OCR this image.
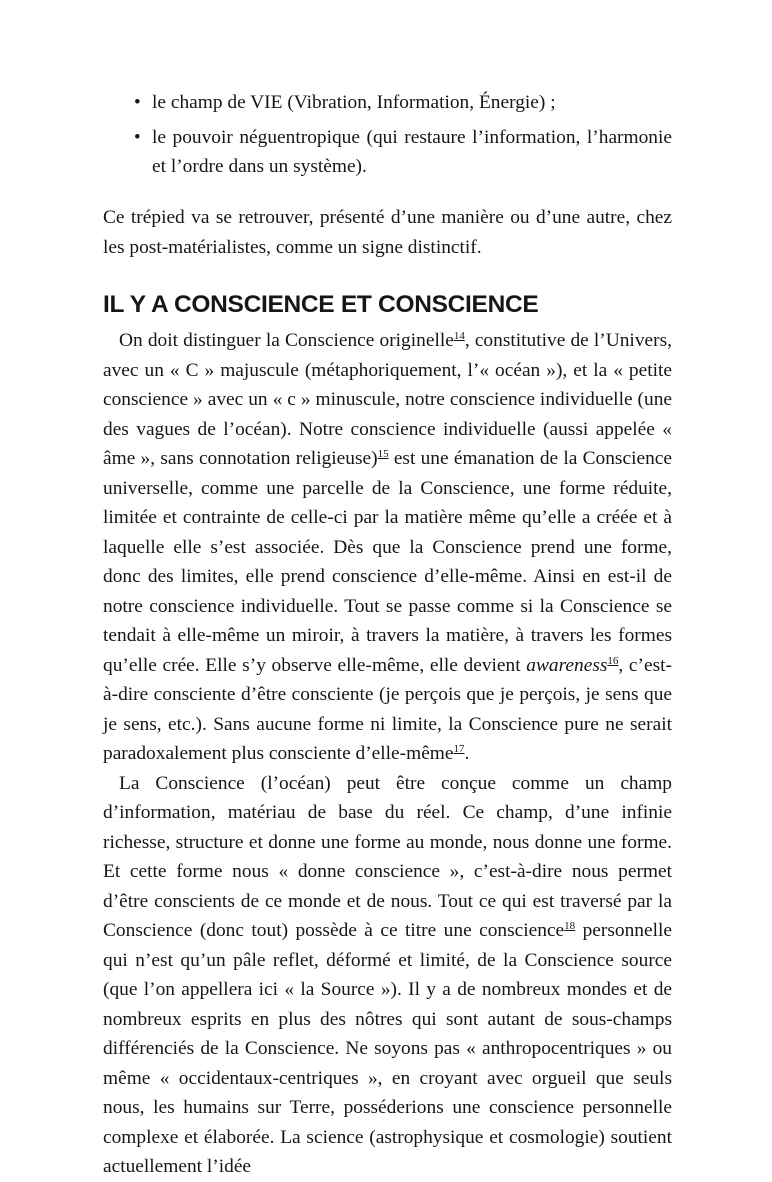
• le champ de VIE (Vibration, Information, Énergie) ;
• le pouvoir néguentropique (qui restaure l’information, l’harmonie et l’ordre dans un système).

Ce trépied va se retrouver, présenté d’une manière ou d’une autre, chez les post-matérialistes, comme un signe distinctif.

IL Y A CONSCIENCE ET CONSCIENCE

On doit distinguer la Conscience originelle$^{14}$, constitutive de l’Univers, avec un « C » majuscule (métaphoriquement, l’« océan »), et la « petite conscience » avec un « c » minuscule, notre conscience individuelle (une des vagues de l’océan). Notre conscience individuelle (aussi appelée « âme », sans connotation religieuse)$^{15}$ est une émanation de la Conscience universelle, comme une parcelle de la Conscience, une forme réduite, limitée et contrainte de celle-ci par la matière même qu’elle a créée et à laquelle elle s’est associée. Dès que la Conscience prend une forme, donc des limites, elle prend conscience d’elle-même. Ainsi en est-il de notre conscience individuelle. Tout se passe comme si la Conscience se tendait à elle-même un miroir, à travers la matière, à travers les formes qu’elle crée. Elle s’y observe elle-même, elle devient awareness$^{16}$, c’est-à-dire consciente d’être consciente (je perçois que je perçois, je sens que je sens, etc.). Sans aucune forme ni limite, la Conscience pure ne serait paradoxalement plus consciente d’elle-même$^{17}$.

La Conscience (l’océan) peut être conçue comme un champ d’information, matériau de base du réel. Ce champ, d’une infinie richesse, structure et donne une forme au monde, nous donne une forme. Et cette forme nous « donne conscience », c’est-à-dire nous permet d’être conscients de ce monde et de nous. Tout ce qui est traversé par la Conscience (donc tout) possède à ce titre une conscience$^{18}$ personnelle qui n’est qu’un pâle reflet, déformé et limité, de la Conscience source (que l’on appellera ici « la Source »). Il y a de nombreux mondes et de nombreux esprits en plus des nôtres qui sont autant de sous-champs différenciés de la Conscience. Ne soyons pas « anthropocentriques » ou même « occidentaux-centriques », en croyant avec orgueil que seuls nous, les humains sur Terre, posséderions une conscience personnelle complexe et élaborée. La science (astrophysique et cosmologie) soutient actuellement l’idée
